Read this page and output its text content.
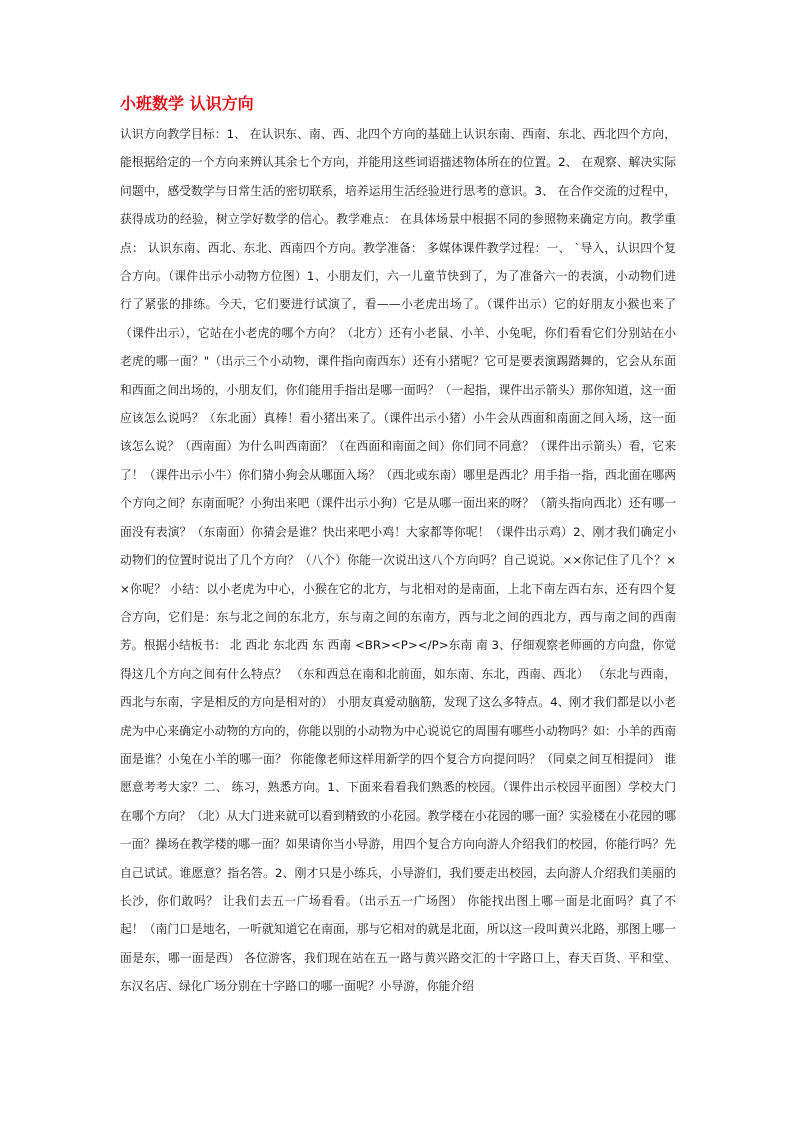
小班数学 认识方向

认识方向教学目标：1、 在认识东、南、西、北四个方向的基础上认识东南、西南、东北、西北四个方向，能根据给定的一个方向来辨认其余七个方向，并能用这些词语描述物体所在的位置。2、 在观察、解决实际问题中，感受数学与日常生活的密切联系，培养运用生活经验进行思考的意识。3、 在合作交流的过程中，获得成功的经验，树立学好数学的信心。教学难点： 在具体场景中根据不同的参照物来确定方向。教学重点： 认识东南、西北、东北、西南四个方向。教学准备： 多媒体课件教学过程：一、 `导入，认识四个复合方向。（课件出示小动物方位图）1、小朋友们，六一儿童节快到了，为了准备六一的表演，小动物们进行了紧张的排练。今天，它们要进行试演了，看——小老虎出场了。（课件出示）它的好朋友小猴也来了（课件出示），它站在小老虎的哪个方向？（北方）还有小老鼠、小羊、小兔呢，你们看看它们分别站在小老虎的哪一面？"（出示三个小动物，课件指向南西东）还有小猪呢？它可是要表演踢踏舞的，它会从东面和西面之间出场的，小朋友们，你们能用手指出是哪一面吗？（一起指，课件出示箭头）那你知道，这一面应该怎么说吗？（东北面）真棒！看小猪出来了。（课件出示小猪）小牛会从西面和南面之间入场，这一面该怎么说？（西南面）为什么叫西南面？（在西面和南面之间）你们同不同意？（课件出示箭头）看，它来了！（课件出示小牛）你们猜小狗会从哪面入场？（西北或东南）哪里是西北？用手指一指，西北面在哪两个方向之间？东南面呢？小狗出来吧（课件出示小狗）它是从哪一面出来的呀？（箭头指向西北）还有哪一面没有表演？（东南面）你猜会是谁？快出来吧小鸡！大家都等你呢！（课件出示鸡）2、刚才我们确定小动物们的位置时说出了几个方向？（八个）你能一次说出这八个方向吗？自己说说。××你记住了几个？××你呢？ 小结：以小老虎为中心，小猴在它的北方，与北相对的是南面，上北下南左西右东，还有四个复合方向，它们是：东与北之间的东北方，东与南之间的东南方，西与北之间的西北方，西与南之间的西南芳。根据小结板书： 北 西北 东北西 东 西南 <BR><P></P>东南 南 3、仔细观察老师画的方向盘，你觉得这几个方向之间有什么特点？ （东和西总在南和北前面，如东南、东北，西南、西北） （东北与西南，西北与东南，字是相反的方向是相对的） 小朋友真爱动脑筋，发现了这么多特点。4、刚才我们都是以小老虎为中心来确定小动物的方向的，你能以别的小动物为中心说说它的周围有哪些小动物吗？如：小羊的西南面是谁？小兔在小羊的哪一面？ 你能像老师这样用新学的四个复合方向提问吗？（同桌之间互相提问） 谁愿意考考大家？二、 练习，熟悉方向。1、下面来看看我们熟悉的校园。（课件出示校园平面图）学校大门在哪个方向？（北）从大门进来就可以看到精致的小花园。教学楼在小花园的哪一面？实验楼在小花园的哪一面？操场在教学楼的哪一面？如果请你当小导游，用四个复合方向向游人介绍我们的校园，你能行吗？先自己试试。谁愿意？指名答。2、刚才只是小练兵，小导游们，我们要走出校园，去向游人介绍我们美丽的长沙，你们敢吗？ 让我们去五一广场看看。（出示五一广场图） 你能找出图上哪一面是北面吗？真了不起！（南门口是地名，一听就知道它在南面，那与它相对的就是北面，所以这一段叫黄兴北路，那图上哪一面是东，哪一面是西） 各位游客，我们现在站在五一路与黄兴路交汇的十字路口上，春天百货、平和堂、东汉名店、绿化广场分别在十字路口的哪一面呢？小导游，你能介绍
